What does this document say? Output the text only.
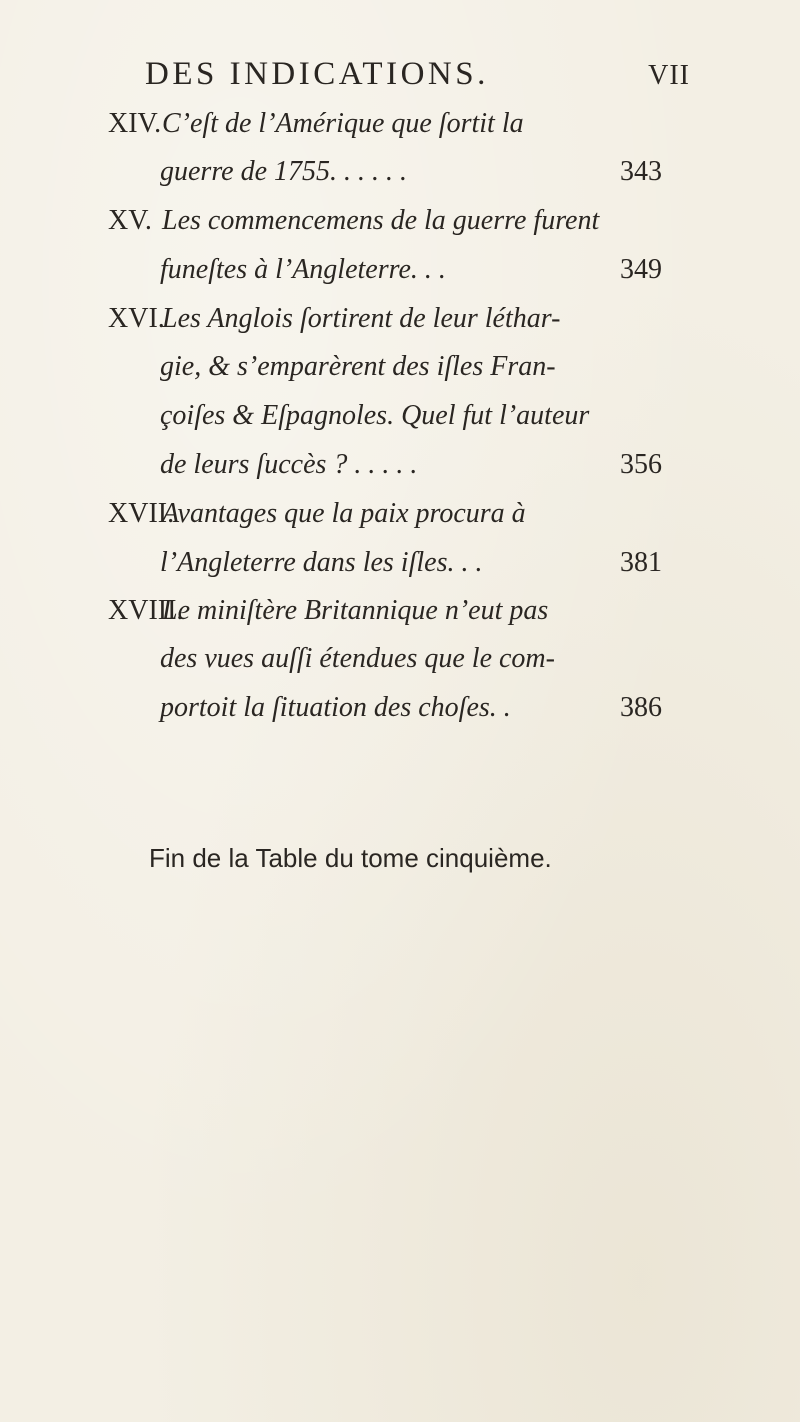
DES INDICATIONS.	VII
XIV. C’eſt de l’Amérique que ſortit la
guerre de 1755. . . . . .	343
XV. Les commencemens de la guerre furent
funeſtes à l’Angleterre. . .	349
XVI.
Les Anglois ſortirent de leur léthar-
gie, & s’emparèrent des iſles Fran-
çoiſes & Eſpagnoles. Quel fut l’auteur
de leurs ſuccès ? . . . . .	356
XVII.
Avantages que la paix procura à
l’Angleterre dans les iſles. . .	381
XVIII.
Le miniſtère Britannique n’eut pas
des vues auſſi étendues que le com-
portoit la ſituation des choſes. .	386
Fin de la Table du tome cinquième.
